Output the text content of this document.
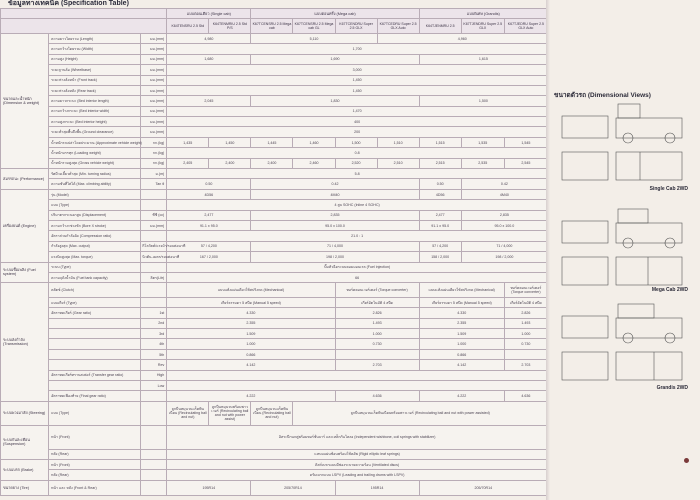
ข้อมูลทางเทคนิค (Specification Table)
			แบบตอนเดียว (Single cab)		แบบตอนครึ่ง (Mega cab)				แบบพิเศษ (Grandis)		
			K64TENSRU 2.5 Std	K64TENMRIU 2.5 Std P/S	K67TCENSRU 2.5 Mega cab	K67TCENSRU 2.5 Mega cab GL	K67TCENDRU Super 2.5 GLX	K67TCEDRU Super 2.5 GLX Auto	K64TJENMRU 2.5	K67TJENDRU Super 2.5 GLX	K67TJEDRU Super 2.5 GLX Auto
ขนาดและน้ำหนัก (Dimension & weight)	ความยาวโดยรวม (Length)	มม.(mm)	4,980		5,110			4,960			
	ความกว้างโดยรวม (Width)	มม.(mm)	1,700								
	ความสูง (Height)	มม.(mm)	1,680		1,690				1,615		
	ระยะฐานล้อ (Wheelbase)	มม.(mm)	3,000								
	ระยะห่างล้อหน้า (Front track)	มม.(mm)	1,450								
	ระยะห่างล้อหลัง (Rear track)	มม.(mm)	1,450								
	ความยาวกระบะ (Bed interior length)	มม.(mm)	2,045		1,830				1,500		
	ความกว้างกระบะ (Bed interior width)	มม.(mm)	1,470								
	ความสูงกระบะ (Bed interior height)	มม.(mm)	400								
	ระยะต่ำสุดพื้นถึงพื้น (Ground clearance)	มม.(mm)	200								
	น้ำหนักรถเปล่าโดยประมาณ (Approximate vehicle weight)	กก.(kg)	1,435	1,450	1,445	1,460	1,500	1,510	1,515	1,535	1,545
	น้ำหนักบรรทุก (Loading weight)	กก.(kg)	0.8								
	น้ำหนักรวมสูงสุด (Gross vehicle weight)	กก.(kg)	2,405	2,400	2,400	2,460	2,520	2,510	2,515	2,535	2,545
สมรรถนะ (Performance)	รัศมีวงเลี้ยวต่ำสุด (Min. turning radius)	ม.(m)	5.8								
	ความชันที่ไต่ได้ (Max. climbing ability)	Tan θ	0.50		0.42				0.50	0.42	
เครื่องยนต์ (Engine)	รุ่น (Model)		4D56		4M40				4D56	4M40	
	แบบ (Type)		4 สูบ SOHC (Inline 4 SOHC)								
	ปริมาตรกระบอกสูบ (Displacement)	ซีซี (cc)	2,477		2,835				2,477	2,835	
	ความกว้าง×ช่วงชัก (Bore X stroke)	มม.(mm)	91.1 x 95.0		95.0 x 100.0				91.1 x 95.0	95.0 x 100.0	
	อัตราส่วนกำลังอัด (Compression ratio)		21.0 : 1								
	กำลังสูงสุด (Max. output)	กิโลวัตต์/แรงม้า/รอบต่อนาที	57 / 4,200		71 / 4,000				57 / 4,200	71 / 4,000	
	แรงบิดสูงสุด (Max. torque)	นิวตัน-เมตร/รอบต่อนาที	167 / 2,000		198 / 2,000				158 / 2,000	198 / 2,000	
ระบบเชื้อเพลิง (Fuel system)	ระบบ (Type)		ปั๊มหัวฉีดระบบคอมมอนเรล (Fuel injection)								
	ความจุถังน้ำมัน (Fuel tank capacity)	ลิตร(Litr)	66								
ระบบส่งกำลัง (Transmission)	คลัตช์ (Clutch)		แบบแห้งแผ่นเดียวใช้สปริงกด (Mechanical)				ทอร์คคอนเวอร์เตอร์ (Torque converter)		แบบแห้งแผ่นเดียวใช้สปริงกด (Mechanical)		ทอร์คคอนเวอร์เตอร์ (Torque converter)
	แบบเกียร์ (Type)		เกียร์ธรรมดา 5 สปีด (Manual 5 speed)				เกียร์อัตโนมัติ 4 สปีด		เกียร์ธรรมดา 5 สปีด (Manual 5 speed)		เกียร์อัตโนมัติ 4 สปีด
	อัตราทดเกียร์ (Gear ratio)	1st	4.330				2.826		4.330		2.826
		2nd	2.355				1.493		2.355		1.493
		3rd	1.509				1.000		1.509		1.000
		4th	1.000				0.730		1.000		0.730
		5th	0.866						0.866		
		Rev	4.142				2.703		4.142		2.703
	อัตราทดเกียร์ทรานสเฟอร์ (Transfer gear ratio)	High									
		Low									
	อัตราทดเฟืองท้าย (Final gear ratio)		4.222				4.636		4.222		4.636
ระบบพวงมาลัย (Steering)	แบบ (Type)		ลูกปืนหมุนวนแร็คพินเนียน (Recirculating ball and nut)	ลูกปืนหมุนวนพร้อมพาวเวอร์ (Recirculating ball and nut with power assist)	ลูกปืนหมุนวนแร็คพินเนียน (Recirculating ball and nut)	ลูกปืนหมุนวนแร็คพินเนียนพร้อมพาวเวอร์ (Recirculating ball and nut with power assisted)					
ระบบกันสะเทือน (Suspension)	หน้า (Front)		อิสระปีกนกคู่พร้อมทอร์ชั่นบาร์ และเหล็กกันโคลง (Independent wishbone, coil springs with stabilizer)								
	หลัง (Rear)		แหนบแผ่นซ้อนพร้อมโช้คอัพ (Rigid elliptic leaf springs)								
ระบบเบรก (Brake)	หน้า (Front)		ดิสก์เบรกแบบมีช่องระบายความร้อน (Ventilated discs)								
	หลัง (Rear)		ดรัมเบรกแบบ LSPV (Leading and trailing drums with LSPV)								
ขนาดยาง (Tire)	หน้า และ หลัง (Front & Rear)		195R14		205/70R14		195R14		205/70R14		
ขนาดตัวรถ (Dimensional Views)
Single Cab 2WD
Mega Cab 2WD
Grandis 2WD
